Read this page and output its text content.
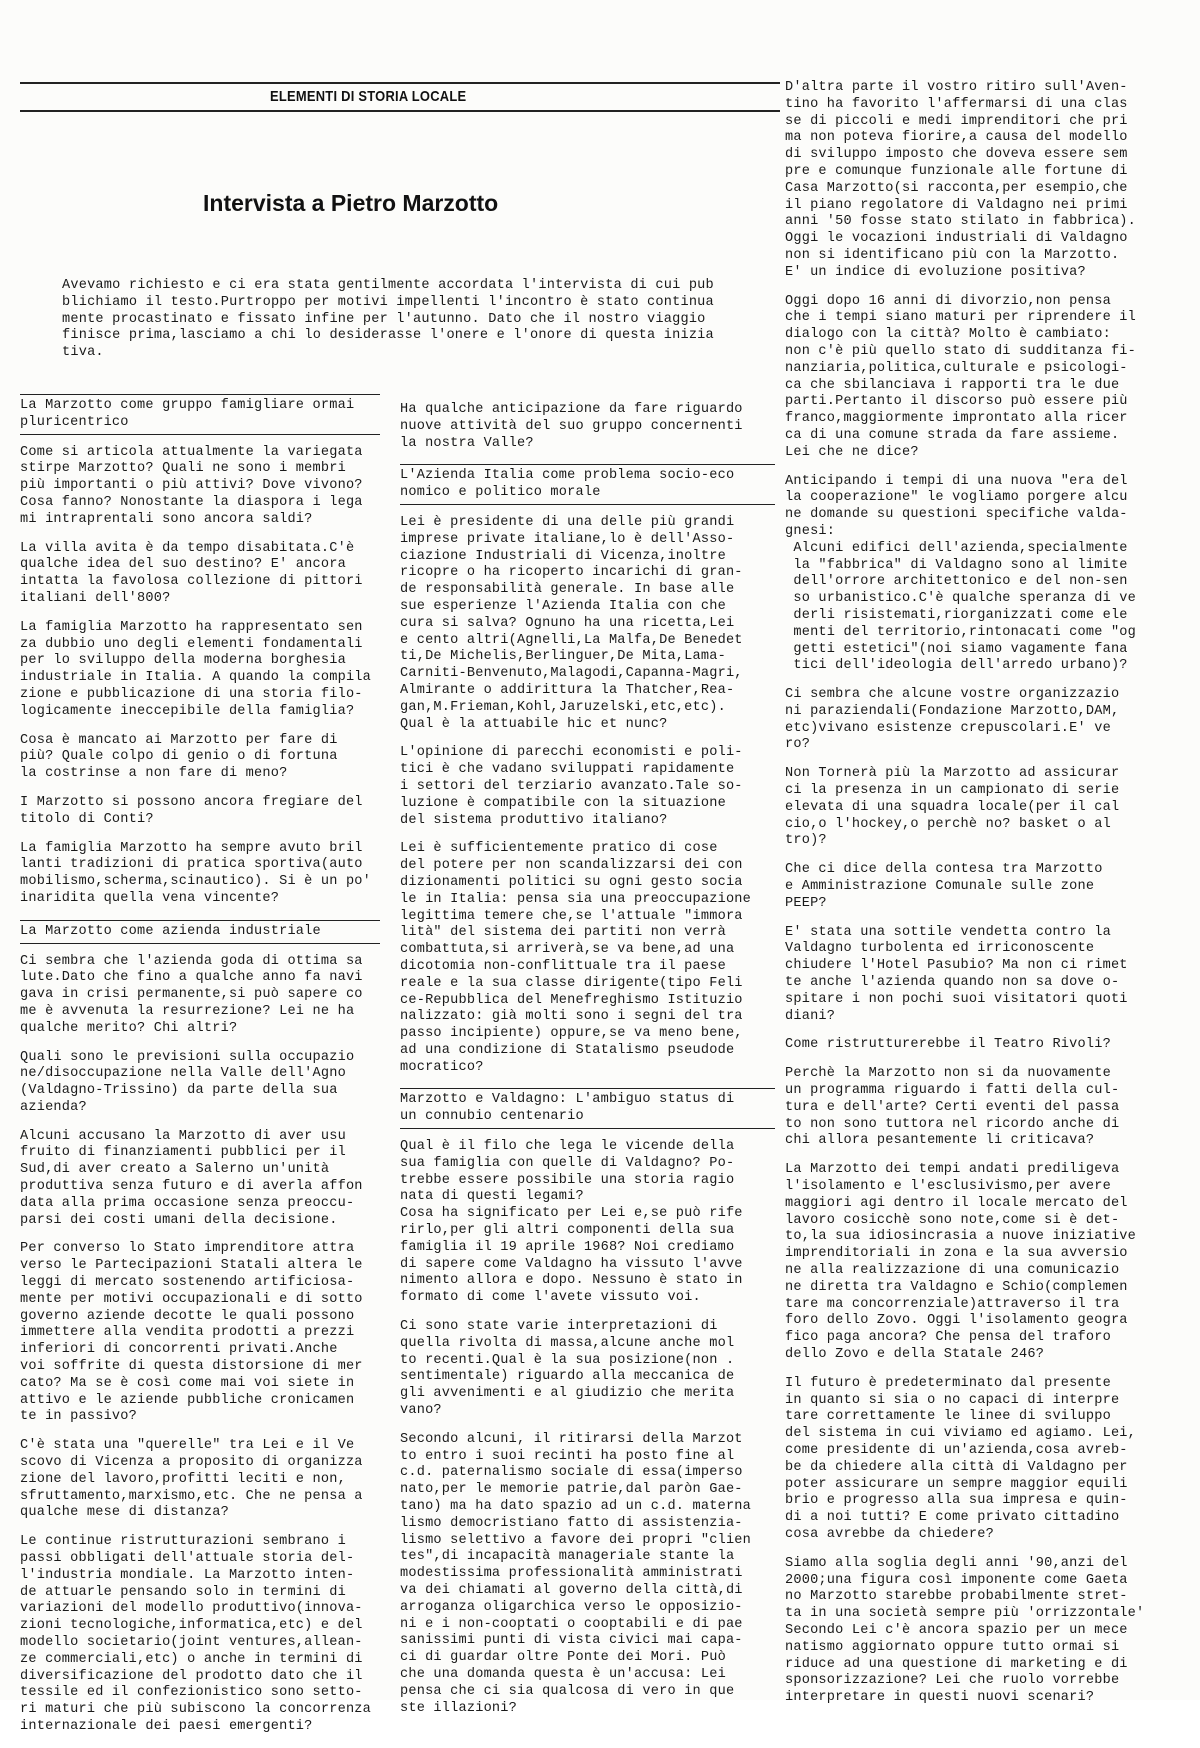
ELEMENTI DI STORIA LOCALE
Intervista a Pietro Marzotto
Avevamo richiesto e ci era stata gentilmente accordata l'intervista di cui pub
blichiamo il testo.Purtroppo per motivi impellenti l'incontro è stato continua
mente procastinato e fissato infine per l'autunno. Dato che il nostro viaggio
finisce prima,lasciamo a chi lo desiderasse l'onere e l'onore di questa inizia
tiva.
La Marzotto come gruppo famigliare ormai
pluricentrico

Come si articola attualmente la variegata
stirpe Marzotto? Quali ne sono i membri
più importanti o più attivi? Dove vivono?
Cosa fanno? Nonostante la diaspora i lega
mi intraprentali sono ancora saldi?

La villa avita è da tempo disabitata.C'è
qualche idea del suo destino? E' ancora
intatta la favolosa collezione di pittori
italiani dell'800?

La famiglia Marzotto ha rappresentato sen
za dubbio uno degli elementi fondamentali
per lo sviluppo della moderna borghesia
industriale in Italia. A quando la compila
zione e pubblicazione di una storia filo-
logicamente ineccepibile della famiglia?

Cosa è mancato ai Marzotto per fare di
più? Quale colpo di genio o di fortuna
la costrinse a non fare di meno?

I Marzotto si possono ancora fregiare del
titolo di Conti?

La famiglia Marzotto ha sempre avuto bril
lanti tradizioni di pratica sportiva(auto
mobilismo,scherma,scinautico). Si è un po'
inaridita quella vena vincente?

La Marzotto come azienda industriale

Ci sembra che l'azienda goda di ottima sa
lute.Dato che fino a qualche anno fa navi
gava in crisi permanente,si può sapere co
me è avvenuta la resurrezione? Lei ne ha
qualche merito? Chi altri?

Quali sono le previsioni sulla occupazio
ne/disoccupazione nella Valle dell'Agno
(Valdagno-Trissino) da parte della sua
azienda?

Alcuni accusano la Marzotto di aver usu
fruito di finanziamenti pubblici per il
Sud,di aver creato a Salerno un'unità
produttiva senza futuro e di averla affon
data alla prima occasione senza preoccu-
parsi dei costi umani della decisione.

Per converso lo Stato imprenditore attra
verso le Partecipazioni Statali altera le
leggi di mercato sostenendo artificiosa-
mente per motivi occupazionali e di sotto
governo aziende decotte le quali possono
immettere alla vendita prodotti a prezzi
inferiori di concorrenti privati.Anche
voi soffrite di questa distorsione di mer
cato? Ma se è così come mai voi siete in
attivo e le aziende pubbliche cronicamen
te in passivo?

C'è stata una "querelle" tra Lei e il Ve
scovo di Vicenza a proposito di organizza
zione del lavoro,profitti leciti e non,
sfruttamento,marxismo,etc. Che ne pensa a
qualche mese di distanza?

Le continue ristrutturazioni sembrano i
passi obbligati dell'attuale storia del-
l'industria mondiale. La Marzotto inten-
de attuarle pensando solo in termini di
variazioni del modello produttivo(innova-
zioni tecnologiche,informatica,etc) e del
modello societario(joint ventures,allean-
ze commerciali,etc) o anche in termini di
diversificazione del prodotto dato che il
tessile ed il confezionistico sono setto-
ri maturi che più subiscono la concorrenza
internazionale dei paesi emergenti?

Ha qualche anticipazione da fare riguardo
nuove attività del suo gruppo concernenti
la nostra Valle?

L'Azienda Italia come problema socio-eco
nomico e politico morale

Lei è presidente di una delle più grandi
imprese private italiane,lo è dell'Asso-
ciazione Industriali di Vicenza,inoltre
ricopre o ha ricoperto incarichi di gran-
de responsabilità generale. In base alle
sue esperienze l'Azienda Italia con che
cura si salva? Ognuno ha una ricetta,Lei
e cento altri(Agnelli,La Malfa,De Benedet
ti,De Michelis,Berlinguer,De Mita,Lama-
Carniti-Benvenuto,Malagodi,Capanna-Magri,
Almirante o addirittura la Thatcher,Rea-
gan,M.Frieman,Kohl,Jaruzelski,etc,etc).
Qual è la attuabile hic et nunc?

L'opinione di parecchi economisti e poli-
tici è che vadano sviluppati rapidamente
i settori del terziario avanzato.Tale so-
luzione è compatibile con la situazione
del sistema produttivo italiano?

Lei è sufficientemente pratico di cose
del potere per non scandalizzarsi dei con
dizionamenti politici su ogni gesto socia
le in Italia: pensa sia una preoccupazione
legittima temere che,se l'attuale "immora
lità" del sistema dei partiti non verrà
combattuta,si arriverà,se va bene,ad una
dicotomia non-conflittuale tra il paese
reale e la sua classe dirigente(tipo Feli
ce-Repubblica del Menefreghismo Istituzio
nalizzato: già molti sono i segni del tra
passo incipiente) oppure,se va meno bene,
ad una condizione di Statalismo pseudode
mocratico?

Marzotto e Valdagno: L'ambiguo status di
un connubio centenario

Qual è il filo che lega le vicende della
sua famiglia con quelle di Valdagno? Po-
trebbe essere possibile una storia ragio
nata di questi legami?
Cosa ha significato per Lei e,se può rife
rirlo,per gli altri componenti della sua
famiglia il 19 aprile 1968? Noi crediamo
di sapere come Valdagno ha vissuto l'avve
nimento allora e dopo. Nessuno è stato in
formato di come l'avete vissuto voi.

Ci sono state varie interpretazioni di
quella rivolta di massa,alcune anche mol
to recenti.Qual è la sua posizione(non .
sentimentale) riguardo alla meccanica de
gli avvenimenti e al giudizio che merita
vano?

Secondo alcuni, il ritirarsi della Marzot
to entro i suoi recinti ha posto fine al
c.d. paternalismo sociale di essa(imperso
nato,per le memorie patrie,dal paròn Gae-
tano) ma ha dato spazio ad un c.d. materna
lismo democristiano fatto di assistenzia-
lismo selettivo a favore dei propri "clien
tes",di incapacità manageriale stante la
modestissima professionalità amministrati
va dei chiamati al governo della città,di
arroganza oligarchica verso le opposizio-
ni e i non-cooptati o cooptabili e di pae
sanissimi punti di vista civici mai capa-
ci di guardar oltre Ponte dei Mori. Può
che una domanda questa è un'accusa: Lei
pensa che ci sia qualcosa di vero in que
ste illazioni?

D'altra parte il vostro ritiro sull'Aven-
tino ha favorito l'affermarsi di una clas
se di piccoli e medi imprenditori che pri
ma non poteva fiorire,a causa del modello
di sviluppo imposto che doveva essere sem
pre e comunque funzionale alle fortune di
Casa Marzotto(si racconta,per esempio,che
il piano regolatore di Valdagno nei primi
anni '50 fosse stato stilato in fabbrica).
Oggi le vocazioni industriali di Valdagno
non si identificano più con la Marzotto.
E' un indice di evoluzione positiva?

Oggi dopo 16 anni di divorzio,non pensa
che i tempi siano maturi per riprendere il
dialogo con la città? Molto è cambiato:
non c'è più quello stato di sudditanza fi-
nanziaria,politica,culturale e psicologi-
ca che sbilanciava i rapporti tra le due
parti.Pertanto il discorso può essere più
franco,maggiormente improntato alla ricer
ca di una comune strada da fare assieme.
Lei che ne dice?

Anticipando i tempi di una nuova "era del
la cooperazione" le vogliamo porgere alcu
ne domande su questioni specifiche valda-
gnesi:
Alcuni edifici dell'azienda,specialmente
la "fabbrica" di Valdagno sono al limite
dell'orrore architettonico e del non-sen
so urbanistico.C'è qualche speranza di ve
derli risistemati,riorganizzati come ele
menti del territorio,rintonacati come "og
getti estetici"(noi siamo vagamente fana
tici dell'ideologia dell'arredo urbano)?

Ci sembra che alcune vostre organizzazio
ni paraziendali(Fondazione Marzotto,DAM,
etc)vivano esistenze crepuscolari.E' ve
ro?

Non Tornerà più la Marzotto ad assicurar
ci la presenza in un campionato di serie
elevata di una squadra locale(per il cal
cio,o l'hockey,o perchè no? basket o al
tro)?

Che ci dice della contesa tra Marzotto
e Amministrazione Comunale sulle zone
PEEP?

E' stata una sottile vendetta contro la
Valdagno turbolenta ed irriconoscente
chiudere l'Hotel Pasubio? Ma non ci rimet
te anche l'azienda quando non sa dove o-
spitare i non pochi suoi visitatori quoti
diani?

Come ristrutturerebbe il Teatro Rivoli?

Perchè la Marzotto non si da nuovamente
un programma riguardo i fatti della cul-
tura e dell'arte? Certi eventi del passa
to non sono tuttora nel ricordo anche di
chi allora pesantemente li criticava?

La Marzotto dei tempi andati prediligeva
l'isolamento e l'esclusivismo,per avere
maggiori agi dentro il locale mercato del
lavoro cosicchè sono note,come si è det-
to,la sua idiosincrasia a nuove iniziative
imprenditoriali in zona e la sua avversio
ne alla realizzazione di una comunicazio
ne diretta tra Valdagno e Schio(complemen
tare ma concorrenziale)attraverso il tra
foro dello Zovo. Oggi l'isolamento geogra
fico paga ancora? Che pensa del traforo
dello Zovo e della Statale 246?

Il futuro è predeterminato dal presente
in quanto si sia o no capaci di interpre
tare correttamente le linee di sviluppo
del sistema in cui viviamo ed agiamo. Lei,
come presidente di un'azienda,cosa avreb-
be da chiedere alla città di Valdagno per
poter assicurare un sempre maggior equili
brio e progresso alla sua impresa e quin-
di a noi tutti? E come privato cittadino
cosa avrebbe da chiedere?

Siamo alla soglia degli anni '90,anzi del
2000;una figura così imponente come Gaeta
no Marzotto starebbe probabilmente stret-
ta in una società sempre più 'orrizzontale'
Secondo Lei c'è ancora spazio per un mece
natismo aggiornato oppure tutto ormai si
riduce ad una questione di marketing e di
sponsorizzazione? Lei che ruolo vorrebbe
interpretare in questi nuovi scenari?
